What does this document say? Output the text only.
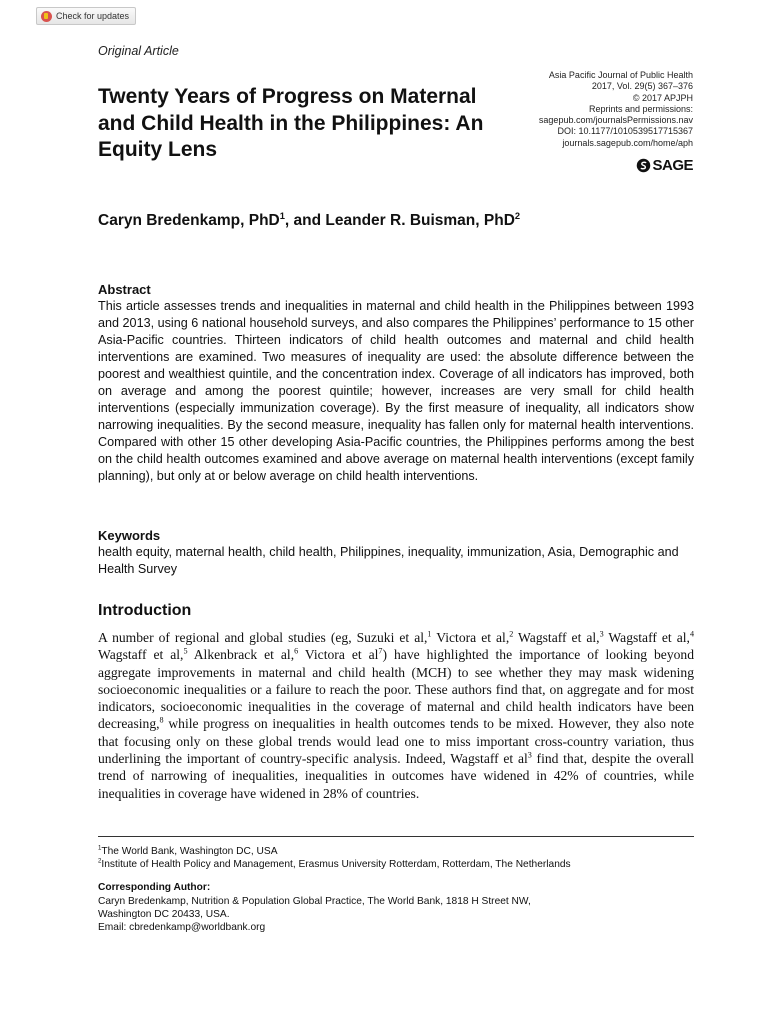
Check for updates
Original Article
Twenty Years of Progress on Maternal and Child Health in the Philippines: An Equity Lens
Asia Pacific Journal of Public Health
2017, Vol. 29(5) 367–376
© 2017 APJPH
Reprints and permissions:
sagepub.com/journalsPermissions.nav
DOI: 10.1177/1010539517715367
journals.sagepub.com/home/aph
SAGE
Caryn Bredenkamp, PhD$^1$, and Leander R. Buisman, PhD$^2$
Abstract
This article assesses trends and inequalities in maternal and child health in the Philippines between 1993 and 2013, using 6 national household surveys, and also compares the Philippines’ performance to 15 other Asia-Pacific countries. Thirteen indicators of child health outcomes and maternal and child health interventions are examined. Two measures of inequality are used: the absolute difference between the poorest and wealthiest quintile, and the concentration index. Coverage of all indicators has improved, both on average and among the poorest quintile; however, increases are very small for child health interventions (especially immunization coverage). By the first measure of inequality, all indicators show narrowing inequalities. By the second measure, inequality has fallen only for maternal health interventions. Compared with other 15 other developing Asia-Pacific countries, the Philippines performs among the best on the child health outcomes examined and above average on maternal health interventions (except family planning), but only at or below average on child health interventions.
Keywords
health equity, maternal health, child health, Philippines, inequality, immunization, Asia, Demographic and Health Survey
Introduction
A number of regional and global studies (eg, Suzuki et al,$^1$ Victora et al,$^2$ Wagstaff et al,$^3$ Wagstaff et al,$^4$ Wagstaff et al,$^5$ Alkenbrack et al,$^6$ Victora et $al^7$) have highlighted the importance of looking beyond aggregate improvements in maternal and child health (MCH) to see whether they may mask widening socioeconomic inequalities or a failure to reach the poor. These authors find that, on aggregate and for most indicators, socioeconomic inequalities in the coverage of maternal and child health indicators have been decreasing,$^8$ while progress on inequalities in health outcomes tends to be mixed. However, they also note that focusing only on these global trends would lead one to miss important cross-country variation, thus underlining the important of country-specific analysis. Indeed, Wagstaff et $al^3$ find that, despite the overall trend of narrowing of inequalities, inequalities in outcomes have widened in 42% of countries, while inequalities in coverage have widened in 28% of countries.
$^1$The World Bank, Washington DC, USA
$^2$Institute of Health Policy and Management, Erasmus University Rotterdam, Rotterdam, The Netherlands
Corresponding Author:
Caryn Bredenkamp, Nutrition & Population Global Practice, The World Bank, 1818 H Street NW,
Washington DC 20433, USA.
Email: cbredenkamp@worldbank.org
